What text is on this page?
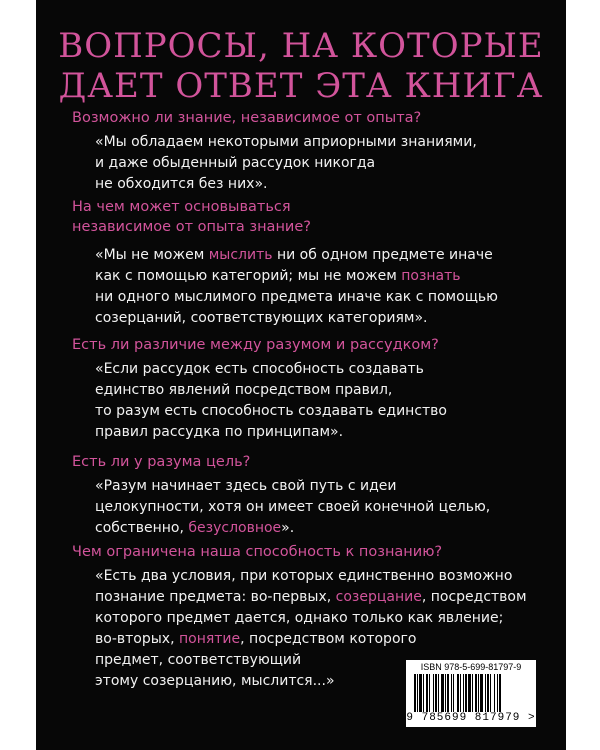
ВОПРОСЫ, НА КОТОРЫЕ
ДАЕТ ОТВЕТ ЭТА КНИГА
Возможно ли знание, независимое от опыта?
«Мы обладаем некоторыми априорными знаниями,
и даже обыденный рассудок никогда
не обходится без них».
На чем может основываться
независимое от опыта знание?
«Мы не можем мыслить ни об одном предмете иначе
как с помощью категорий; мы не можем познать
ни одного мыслимого предмета иначе как с помощью
созерцаний, соответствующих категориям».
Есть ли различие между разумом и рассудком?
«Если рассудок есть способность создавать
единство явлений посредством правил,
то разум есть способность создавать единство
правил рассудка по принципам».
Есть ли у разума цель?
«Разум начинает здесь свой путь с идеи
целокупности, хотя он имеет своей конечной целью,
собственно, безусловное».
Чем ограничена наша способность к познанию?
«Есть два условия, при которых единственно возможно
познание предмета: во-первых, созерцание, посредством
которого предмет дается, однако только как явление;
во-вторых, понятие, посредством которого
предмет, соответствующий
этому созерцанию, мыслится...»
ISBN 978-5-699-81797-9
9 785699 817979 >
